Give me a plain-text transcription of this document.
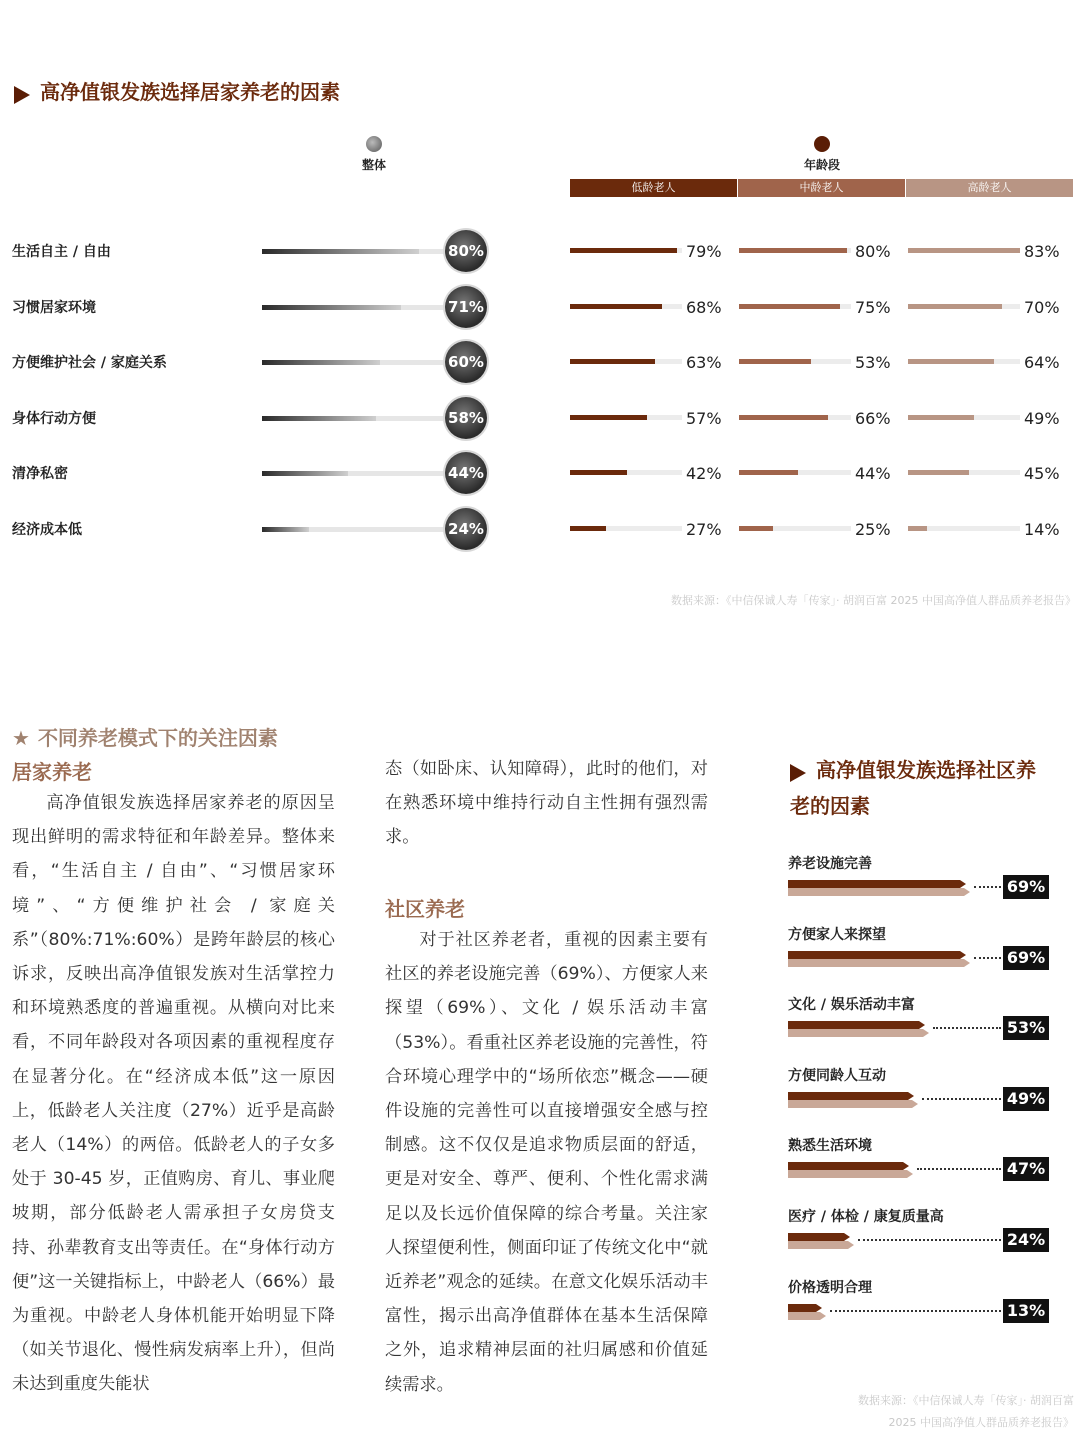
高净值银发族选择居家养老的因素
整体	年龄段
低龄老人	中龄老人	高龄老人
生活自主 / 自由	80%	79%	80%	83%
习惯居家环境	71%	68%	75%	70%
方便维护社会 / 家庭关系	60%	63%	53%	64%
身体行动方便	58%	57%	66%	49%
清净私密	44%	42%	44%	45%
经济成本低	24%	27%	25%	14%
数据来源：《中信保诚人寿「传家」· 胡润百富 2025 中国高净值人群品质养老报告》
★ 不同养老模式下的关注因素
居家养老

高净值银发族选择居家养老的原因呈现出鲜明的需求特征和年龄差异。整体来看，“生活自主 / 自由”、“习惯居家环境”、“方便维护社会 / 家庭关系”（80%:71%:60%）是跨年龄层的核心诉求，反映出高净值银发族对生活掌控力和环境熟悉度的普遍重视。从横向对比来看，不同年龄段对各项因素的重视程度存在显著分化。在“经济成本低”这一原因上，低龄老人关注度（27%）近乎是高龄老人（14%）的两倍。低龄老人的子女多处于 30-45 岁，正值购房、育儿、事业爬坡期，部分低龄老人需承担子女房贷支持、孙辈教育支出等责任。在“身体行动方便”这一关键指标上，中龄老人（66%）最为重视。中龄老人身体机能开始明显下降（如关节退化、慢性病发病率上升），但尚未达到重度失能状

态（如卧床、认知障碍），此时的他们，对在熟悉环境中维持行动自主性拥有强烈需求。

社区养老

对于社区养老者，重视的因素主要有社区的养老设施完善（69%）、方便家人来探望（69%）、文化 / 娱乐活动丰富（53%）。看重社区养老设施的完善性，符合环境心理学中的“场所依恋”概念——硬件设施的完善性可以直接增强安全感与控制感。这不仅仅是追求物质层面的舒适，更是对安全、尊严、便利、个性化需求满足以及长远价值保障的综合考量。关注家人探望便利性，侧面印证了传统文化中“就近养老”观念的延续。在意文化娱乐活动丰富性，揭示出高净值群体在基本生活保障之外，追求精神层面的社归属感和价值延续需求。

高净值银发族选择社区养
老的因素
养老设施完善
69%
方便家人来探望
69%
文化 / 娱乐活动丰富
53%
方便同龄人互动
49%
熟悉生活环境
47%
医疗 / 体检 / 康复质量高
24%
价格透明合理
13%
数据来源：《中信保诚人寿「传家」· 胡润百富
2025 中国高净值人群品质养老报告》
